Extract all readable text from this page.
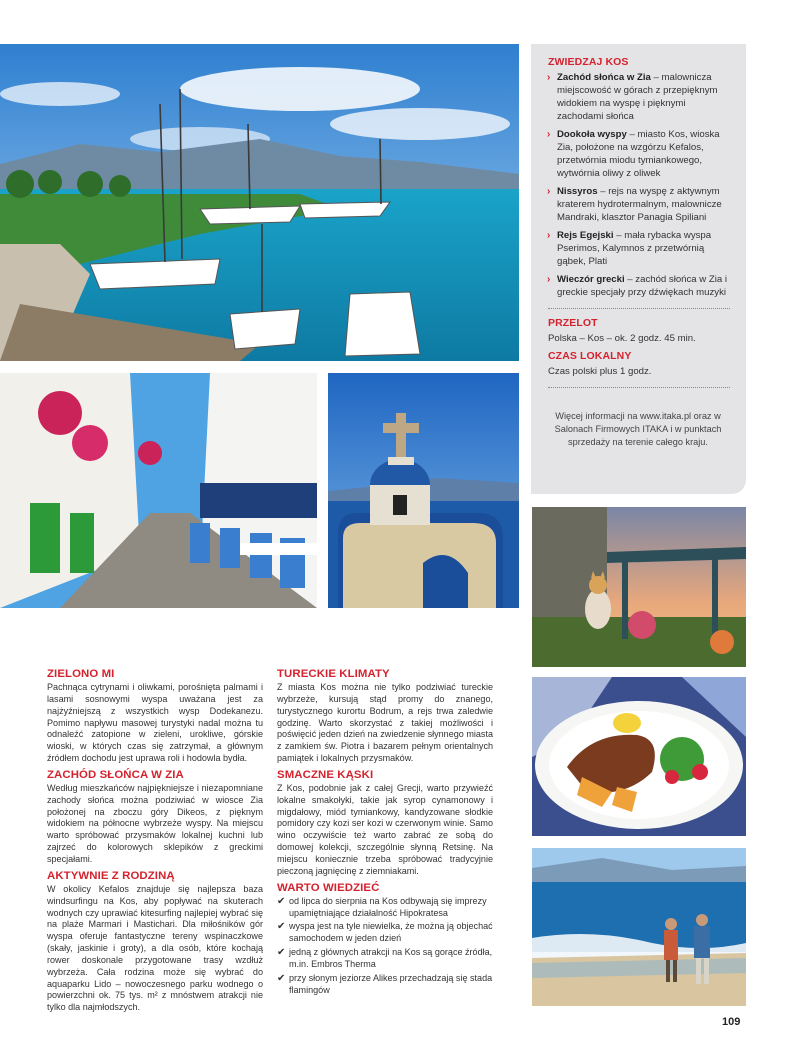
ZWIEDZAJ KOS
› Zachód słońca w Zia – malownicza miejscowość w górach z przepięknym widokiem na wyspę i pięknymi zachodami słońca
› Dookoła wyspy – miasto Kos, wioska Zia, położone na wzgórzu Kefalos, przetwórnia miodu tymiankowego, wytwórnia oliwy z oliwek
› Nissyros – rejs na wyspę z aktywnym kraterem hydrotermalnym, malownicze Mandraki, klasztor Panagia Spiliani
› Rejs Egejski – mała rybacka wyspa Pserimos, Kalymnos z przetwórnią gąbek, Plati
› Wieczór grecki – zachód słońca w Zia i greckie specjały przy dźwiękach muzyki
PRZELOT

Polska – Kos – ok. 2 godz. 45 min.

CZAS LOKALNY

Czas polski plus 1 godz.

Więcej informacji na www.itaka.pl oraz w Salonach Firmowych ITAKA i w punktach sprzedaży na terenie całego kraju.
ZIELONO MI

Pachnąca cytrynami i oliwkami, porośnięta palmami i lasami sosnowymi wyspa uważana jest za najżyźniejszą z wszystkich wysp Dodekanezu. Pomimo napływu masowej turystyki nadal można tu odnaleźć zatopione w zieleni, urokliwe, górskie wioski, w których czas się zatrzymał, a głównym źródłem dochodu jest uprawa roli i hodowla bydła.

ZACHÓD SŁOŃCA W ZIA

Według mieszkańców najpiękniejsze i niezapomniane zachody słońca można podziwiać w wiosce Zia położonej na zboczu góry Dikeos, z pięknym widokiem na północne wybrzeże wyspy. Na miejscu warto spróbować przysmaków lokalnej kuchni lub zajrzeć do kolorowych sklepików z greckimi specjałami.

AKTYWNIE Z RODZINĄ

W okolicy Kefalos znajduje się najlepsza baza windsurfingu na Kos, aby popływać na skuterach wodnych czy uprawiać kitesurfing najlepiej wybrać się na plaże Marmari i Mastichari. Dla miłośników gór wyspa oferuje fantastyczne tereny wspinaczkowe (skały, jaskinie i groty), a dla osób, które kochają rower doskonale przygotowane trasy wzdłuż wybrzeża. Cała rodzina może się wybrać do aquaparku Lido – nowoczesnego parku wodnego o powierzchni ok. 75 tys. m² z mnóstwem atrakcji nie tylko dla najmłodszych.

TURECKIE KLIMATY

Z miasta Kos można nie tylko podziwiać tureckie wybrzeże, kursują stąd promy do znanego, turystycznego kurortu Bodrum, a rejs trwa zaledwie godzinę. Warto skorzystać z takiej możliwości i poświęcić jeden dzień na zwiedzenie słynnego miasta z zamkiem św. Piotra i bazarem pełnym orientalnych pamiątek i lokalnych przysmaków.

SMACZNE KĄSKI

Z Kos, podobnie jak z całej Grecji, warto przywieźć lokalne smakołyki, takie jak syrop cynamonowy i migdałowy, miód tymiankowy, kandyzowane słodkie pomidory czy kozi ser kozi w czerwonym winie. Samo wino oczywiście też warto zabrać ze sobą do domowej kolekcji, szczególnie słynną Retsinę. Na miejscu koniecznie trzeba spróbować tradycyjnie pieczoną jagnięcinę z ziemniakami.

WARTO WIEDZIEĆ
✔ od lipca do sierpnia na Kos odbywają się imprezy upamiętniające działalność Hipokratesa
✔ wyspa jest na tyle niewielka, że można ją objechać samochodem w jeden dzień
✔ jedną z głównych atrakcji na Kos są gorące źródła, m.in. Embros Therma
✔ przy słonym jeziorze Alikes przechadzają się stada flamingów
109
